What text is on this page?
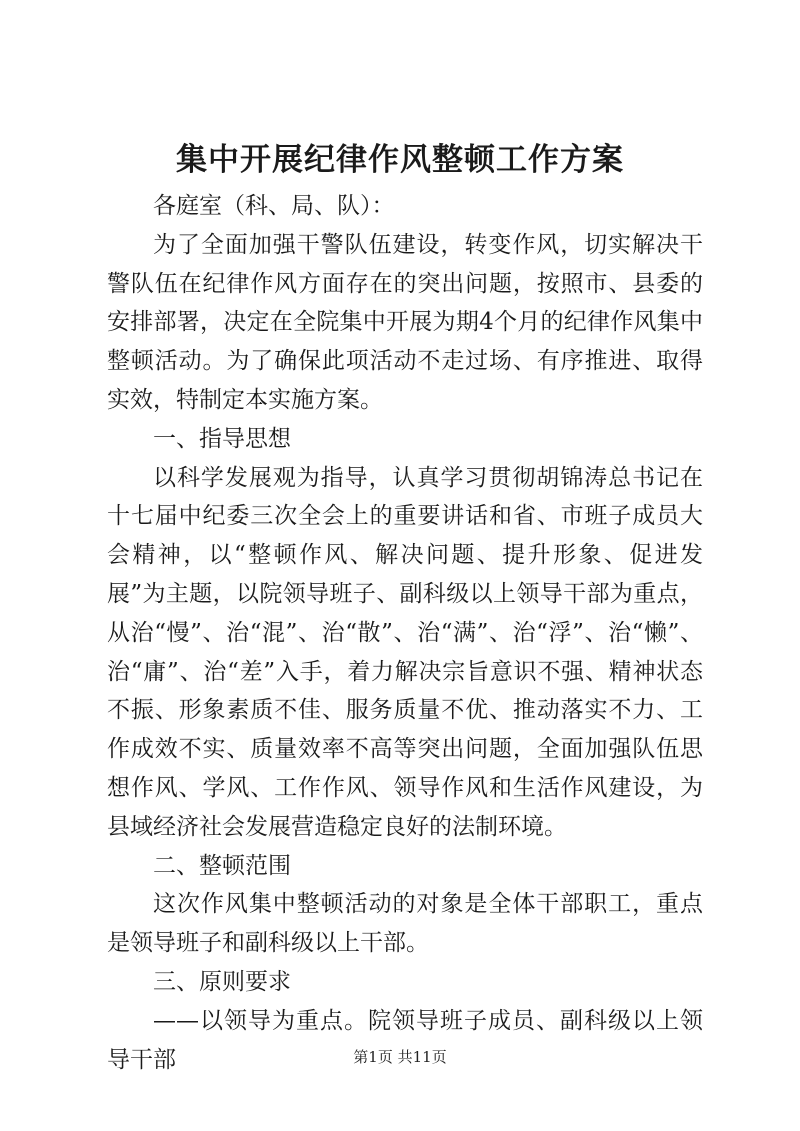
集中开展纪律作风整顿工作方案

各庭室（科、局、队）：

为了全面加强干警队伍建设，转变作风，切实解决干警队伍在纪律作风方面存在的突出问题，按照市、县委的安排部署，决定在全院集中开展为期4个月的纪律作风集中整顿活动。为了确保此项活动不走过场、有序推进、取得实效，特制定本实施方案。

一、指导思想

以科学发展观为指导，认真学习贯彻胡锦涛总书记在十七届中纪委三次全会上的重要讲话和省、市班子成员大会精神，以“整顿作风、解决问题、提升形象、促进发展”为主题，以院领导班子、副科级以上领导干部为重点，从治“慢”、治“混”、治“散”、治“满”、治“浮”、治“懒”、治“庸”、治“差”入手，着力解决宗旨意识不强、精神状态不振、形象素质不佳、服务质量不优、推动落实不力、工作成效不实、质量效率不高等突出问题，全面加强队伍思想作风、学风、工作作风、领导作风和生活作风建设，为县域经济社会发展营造稳定良好的法制环境。

二、整顿范围

这次作风集中整顿活动的对象是全体干部职工，重点是领导班子和副科级以上干部。

三、原则要求

——以领导为重点。院领导班子成员、副科级以上领导干部	第1页 共11页
